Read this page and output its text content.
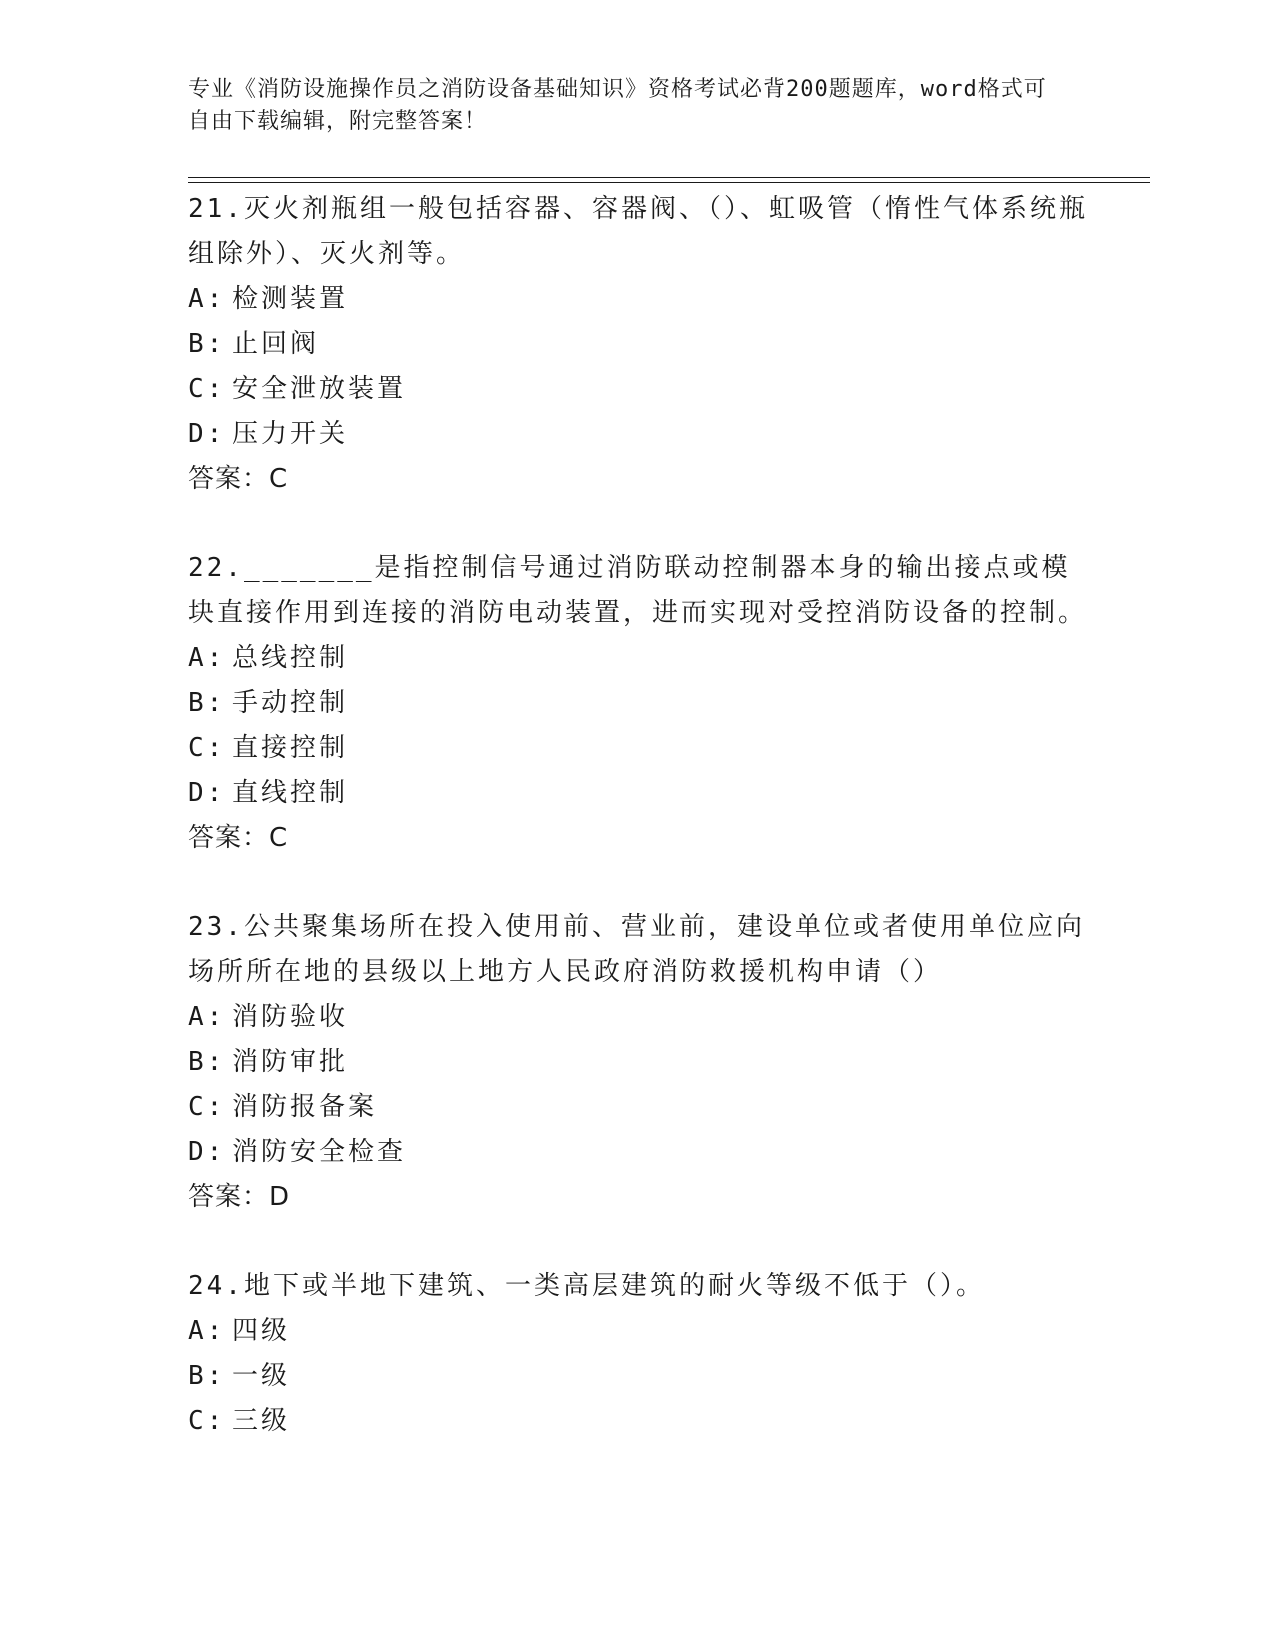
专业《消防设施操作员之消防设备基础知识》资格考试必背200题题库，word格式可自由下载编辑，附完整答案！
21.灭火剂瓶组一般包括容器、容器阀、（）、虹吸管（惰性气体系统瓶组除外）、灭火剂等。
A: 检测装置
B: 止回阀
C: 安全泄放装置
D: 压力开关
答案：C
22._______是指控制信号通过消防联动控制器本身的输出接点或模块直接作用到连接的消防电动装置，进而实现对受控消防设备的控制。
A: 总线控制
B: 手动控制
C: 直接控制
D: 直线控制
答案：C
23.公共聚集场所在投入使用前、营业前，建设单位或者使用单位应向场所所在地的县级以上地方人民政府消防救援机构申请（）
A: 消防验收
B: 消防审批
C: 消防报备案
D: 消防安全检查
答案：D
24.地下或半地下建筑、一类高层建筑的耐火等级不低于（）。
A: 四级
B: 一级
C: 三级
